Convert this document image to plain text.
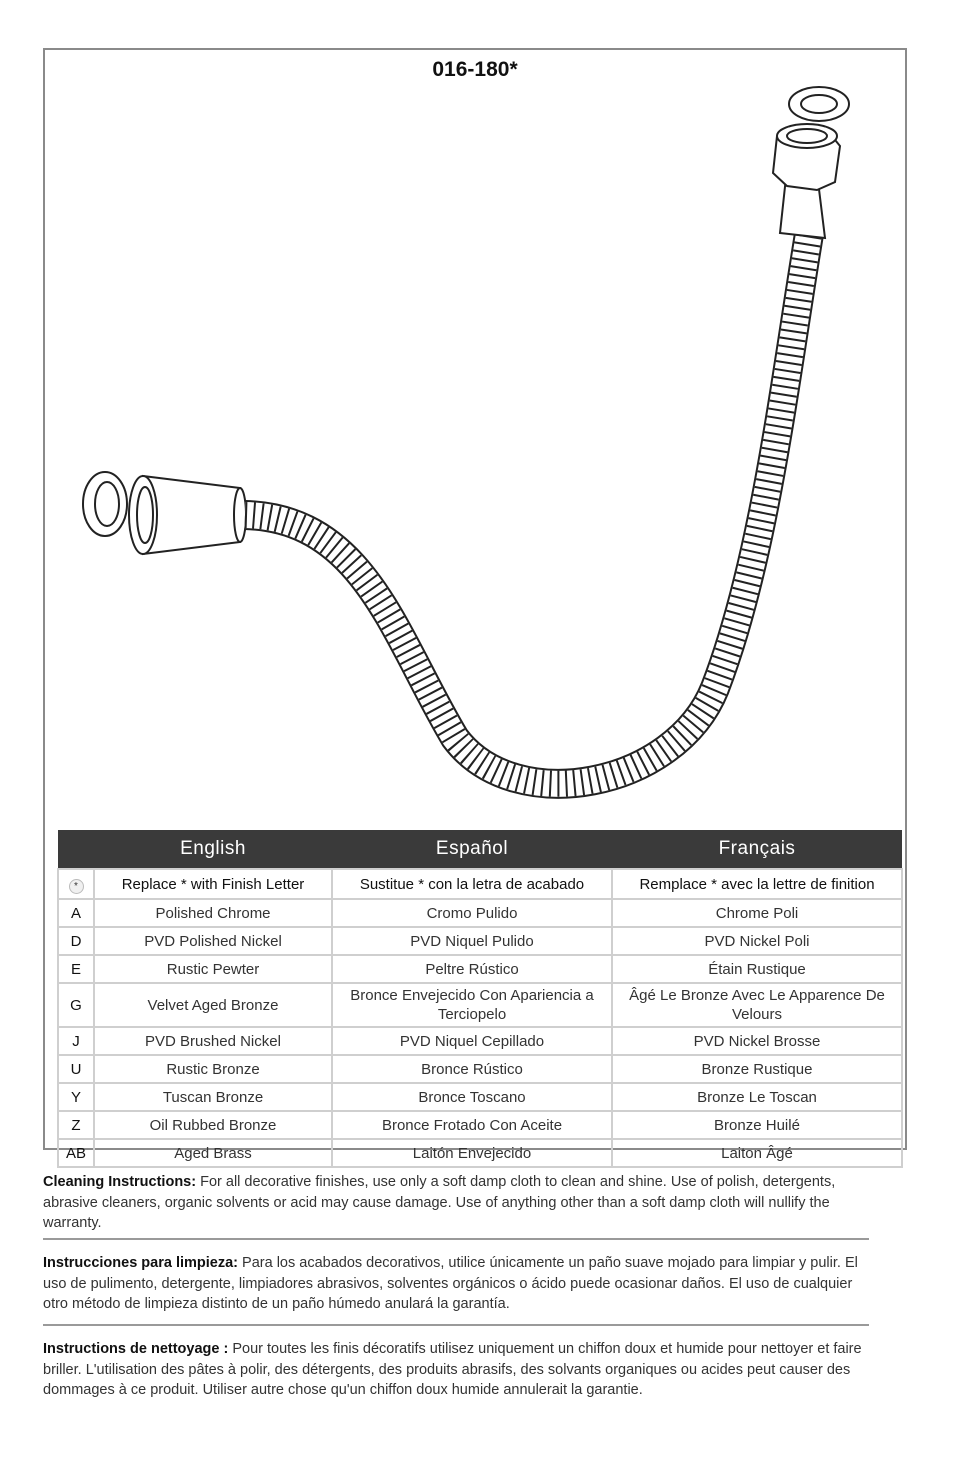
016-180*
	English	Español	Français
*	Replace * with Finish Letter	Sustitue * con la letra de acabado	Remplace * avec la lettre de finition
A	Polished Chrome	Cromo Pulido	Chrome Poli
D	PVD Polished Nickel	PVD Niquel Pulido	PVD Nickel Poli
E	Rustic Pewter	Peltre Rústico	Étain Rustique
G	Velvet Aged Bronze	Bronce Envejecido Con Apariencia a Terciopelo	Âgé Le Bronze Avec Le Apparence De Velours
J	PVD Brushed Nickel	PVD Niquel Cepillado	PVD Nickel Brosse
U	Rustic Bronze	Bronce Rústico	Bronze Rustique
Y	Tuscan Bronze	Bronce Toscano	Bronze Le Toscan
Z	Oil Rubbed Bronze	Bronce Frotado Con Aceite	Bronze Huilé
AB	Aged Brass	Laitón Envejecido	Laiton Âgé
Cleaning Instructions: For all decorative finishes, use only a soft damp cloth to clean and shine. Use of polish, detergents, abrasive cleaners, organic solvents or acid may cause damage. Use of anything other than a soft damp cloth will nullify the warranty.
Instrucciones para limpieza: Para los acabados decorativos, utilice únicamente un paño suave mojado para limpiar y pulir. El uso de pulimento, detergente, limpiadores abrasivos, solventes orgánicos o ácido puede ocasionar daños. El uso de cualquier otro método de limpieza distinto de un paño húmedo anulará la garantía.
Instructions de nettoyage : Pour toutes les finis décoratifs utilisez uniquement un chiffon doux et humide pour nettoyer et faire briller. L'utilisation des pâtes à polir, des détergents, des produits abrasifs, des solvants organiques ou acides peut causer des dommages à ce produit. Utiliser autre chose qu'un chiffon doux humide annulerait la garantie.
